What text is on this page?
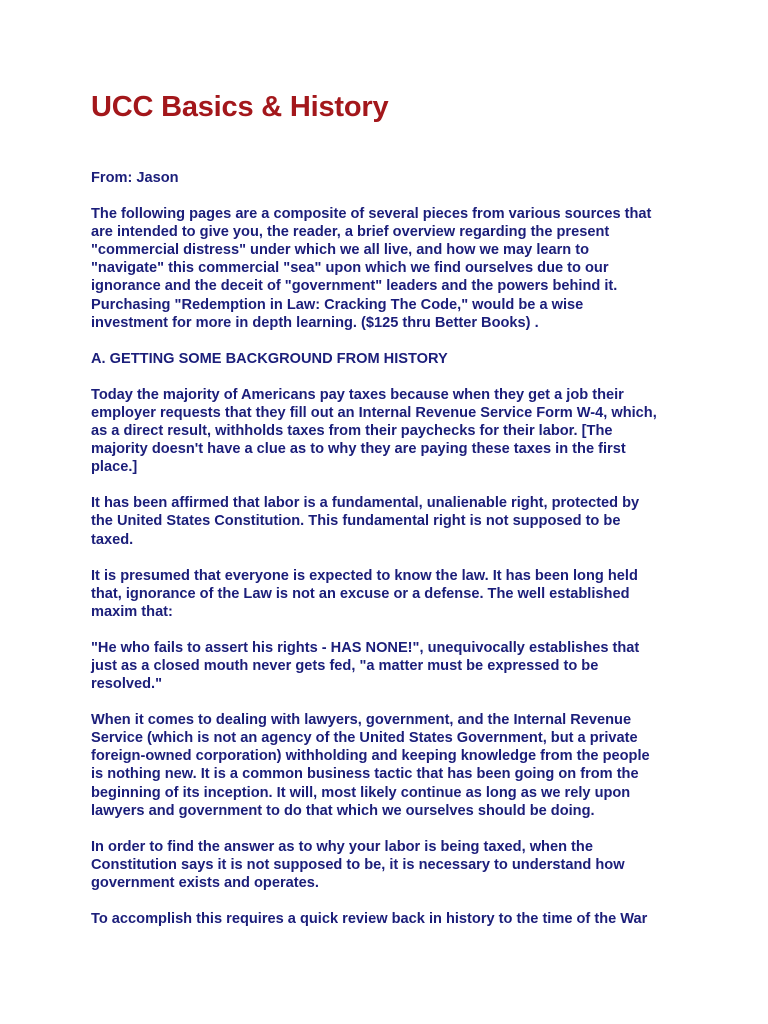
UCC Basics & History

From: Jason

The following pages are a composite of several pieces from various sources that
are intended to give you, the reader, a brief overview regarding the present
"commercial distress" under which we all live, and how we may learn to
"navigate" this commercial "sea" upon which we find ourselves due to our
ignorance and the deceit of "government" leaders and the powers behind it.
Purchasing "Redemption in Law: Cracking The Code," would be a wise
investment for more in depth learning. ($125 thru Better Books) .

A. GETTING SOME BACKGROUND FROM HISTORY

Today the majority of Americans pay taxes because when they get a job their
employer requests that they fill out an Internal Revenue Service Form W-4, which,
as a direct result, withholds taxes from their paychecks for their labor. [The
majority doesn't have a clue as to why they are paying these taxes in the first
place.]

It has been affirmed that labor is a fundamental, unalienable right, protected by
the United States Constitution. This fundamental right is not supposed to be
taxed.

It is presumed that everyone is expected to know the law. It has been long held
that, ignorance of the Law is not an excuse or a defense. The well established
maxim that:

"He who fails to assert his rights - HAS NONE!", unequivocally establishes that
just as a closed mouth never gets fed, "a matter must be expressed to be
resolved."

When it comes to dealing with lawyers, government, and the Internal Revenue
Service (which is not an agency of the United States Government, but a private
foreign-owned corporation) withholding and keeping knowledge from the people
is nothing new. It is a common business tactic that has been going on from the
beginning of its inception. It will, most likely continue as long as we rely upon
lawyers and government to do that which we ourselves should be doing.

In order to find the answer as to why your labor is being taxed, when the
Constitution says it is not supposed to be, it is necessary to understand how
government exists and operates.

To accomplish this requires a quick review back in history to the time of the War
